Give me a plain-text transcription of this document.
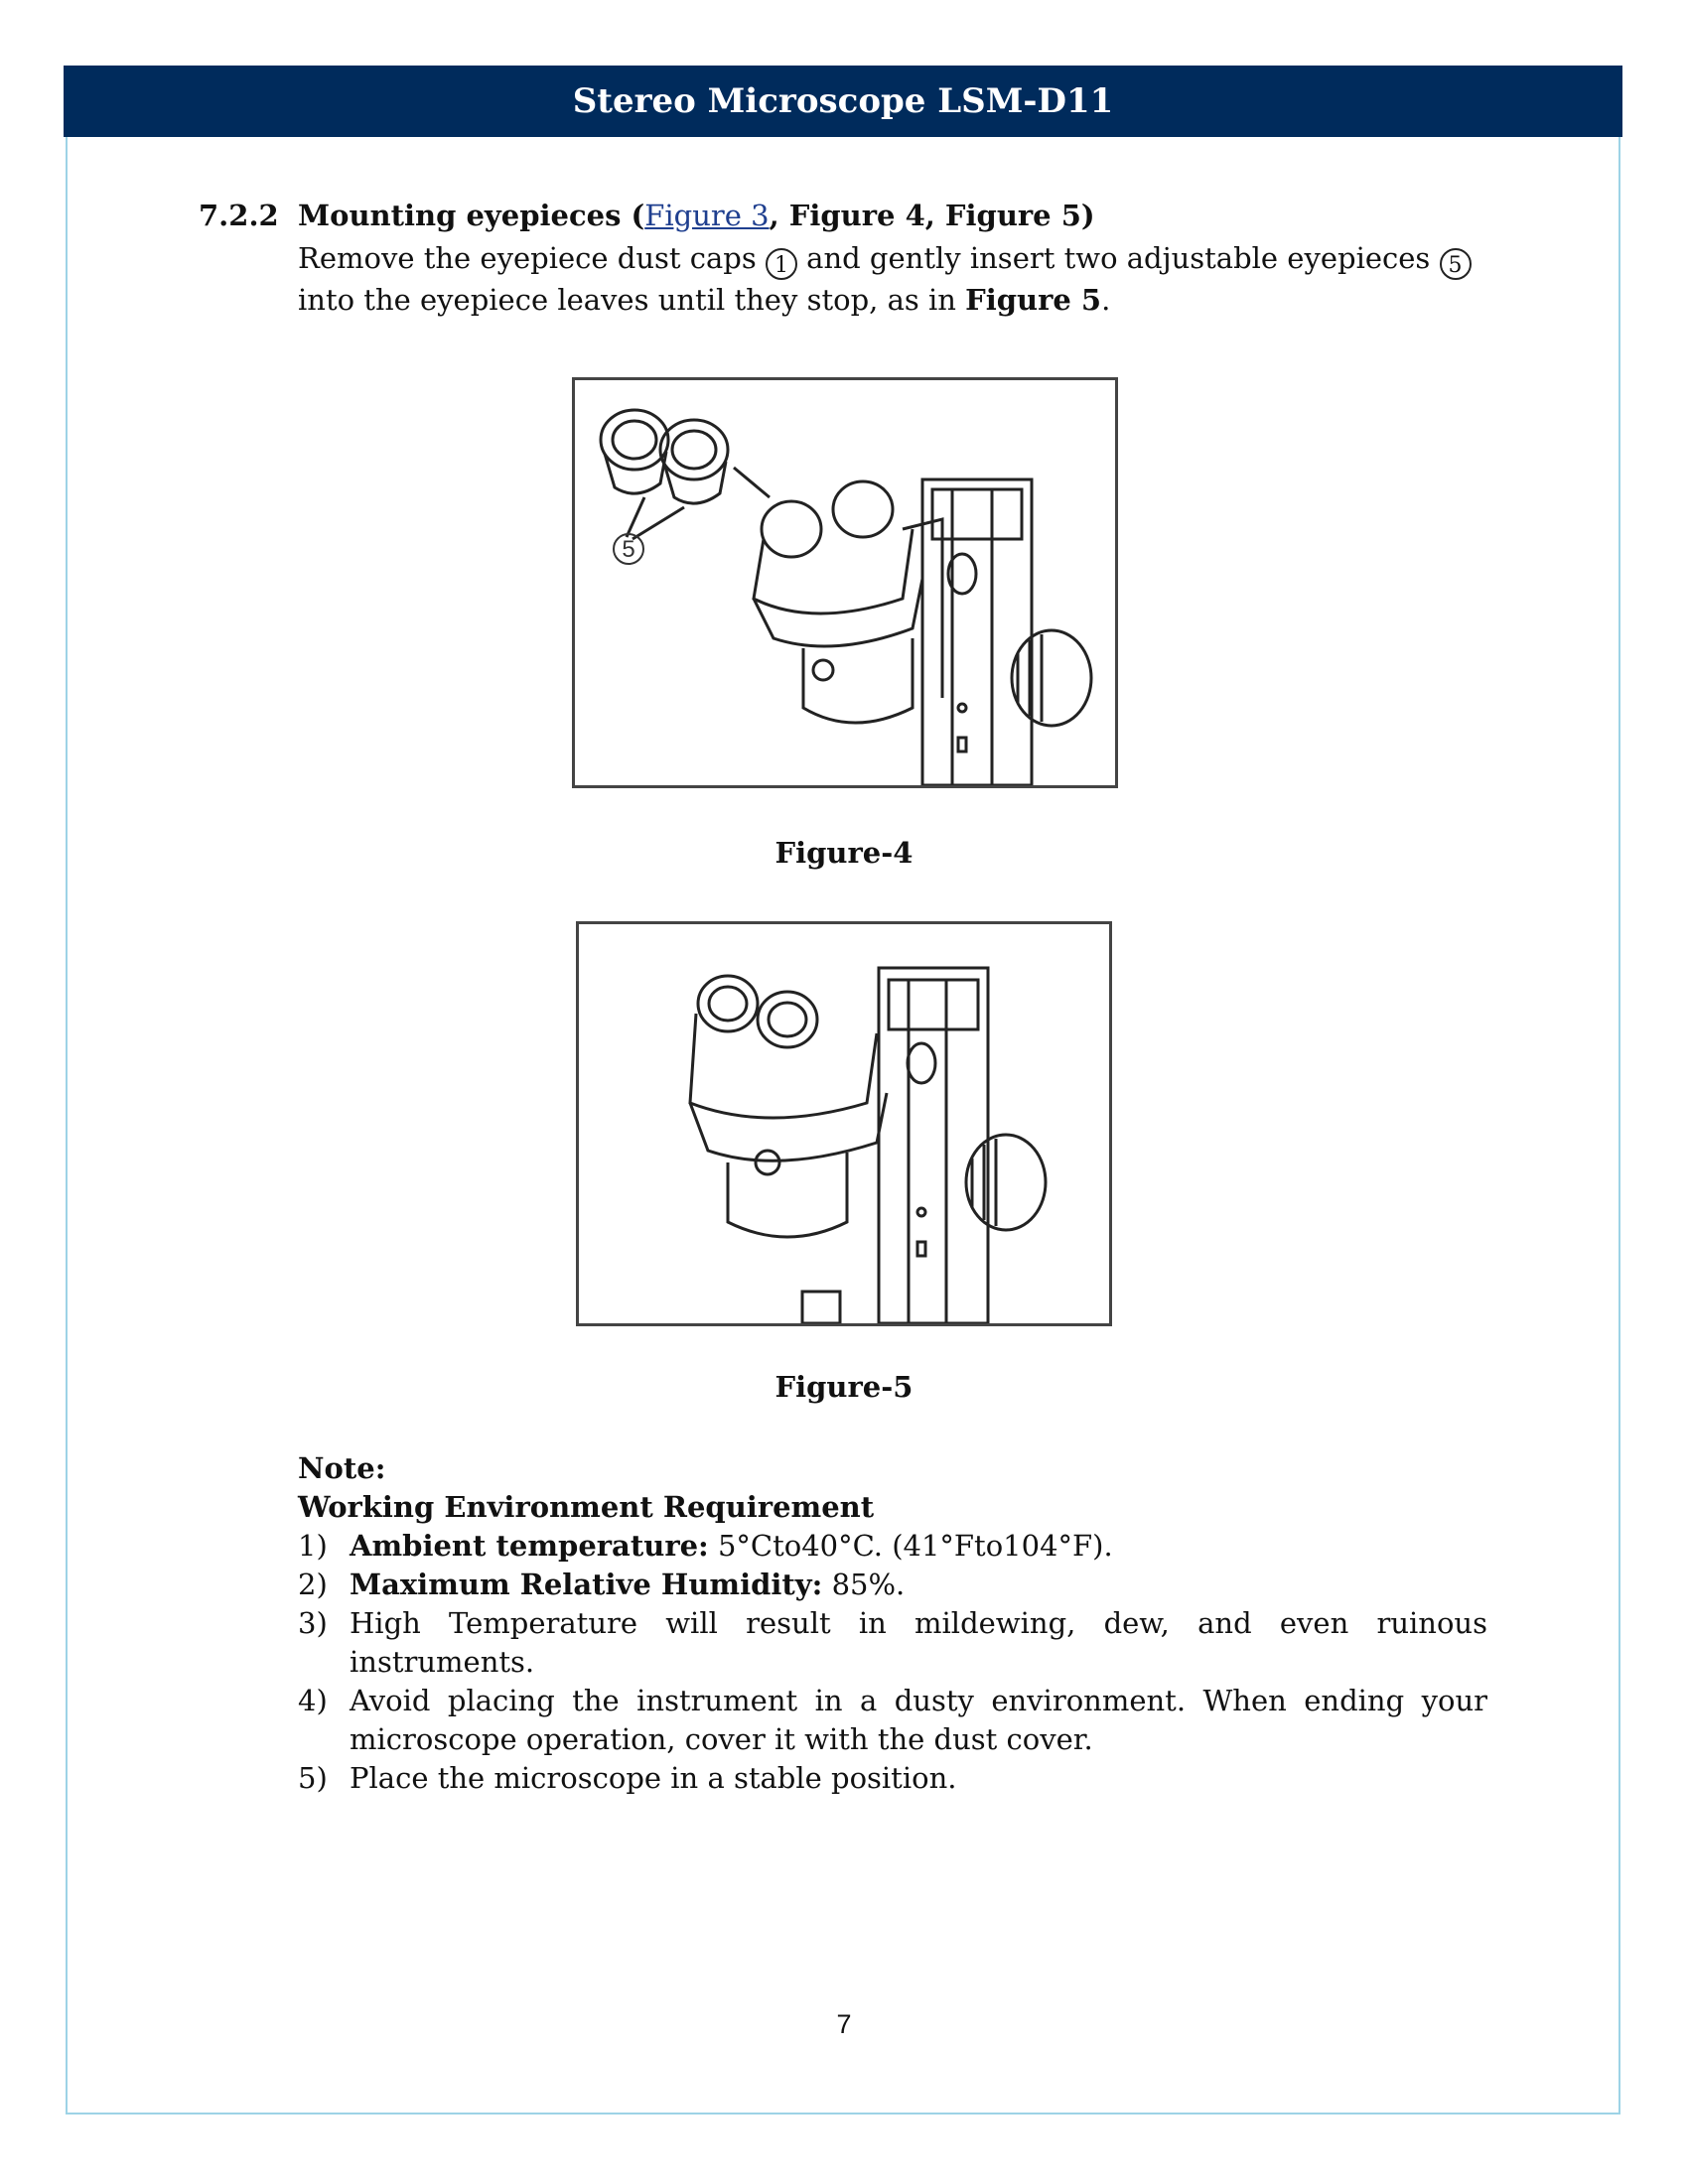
Stereo Microscope LSM-D11
7.2.2 Mounting eyepieces (Figure 3, Figure 4, Figure 5)
Remove the eyepiece dust caps 1 and gently insert two adjustable eyepieces 5 into the eyepiece leaves until they stop, as in Figure 5.
5
Figure-4
Figure-5
Note:
Working Environment Requirement
1) Ambient temperature: 5°Cto40°C. (41°Fto104°F).
2) Maximum Relative Humidity: 85%.
3) High Temperature will result in mildewing, dew, and even ruinous instruments.
4) Avoid placing the instrument in a dusty environment. When ending your microscope operation, cover it with the dust cover.
5) Place the microscope in a stable position.
7
